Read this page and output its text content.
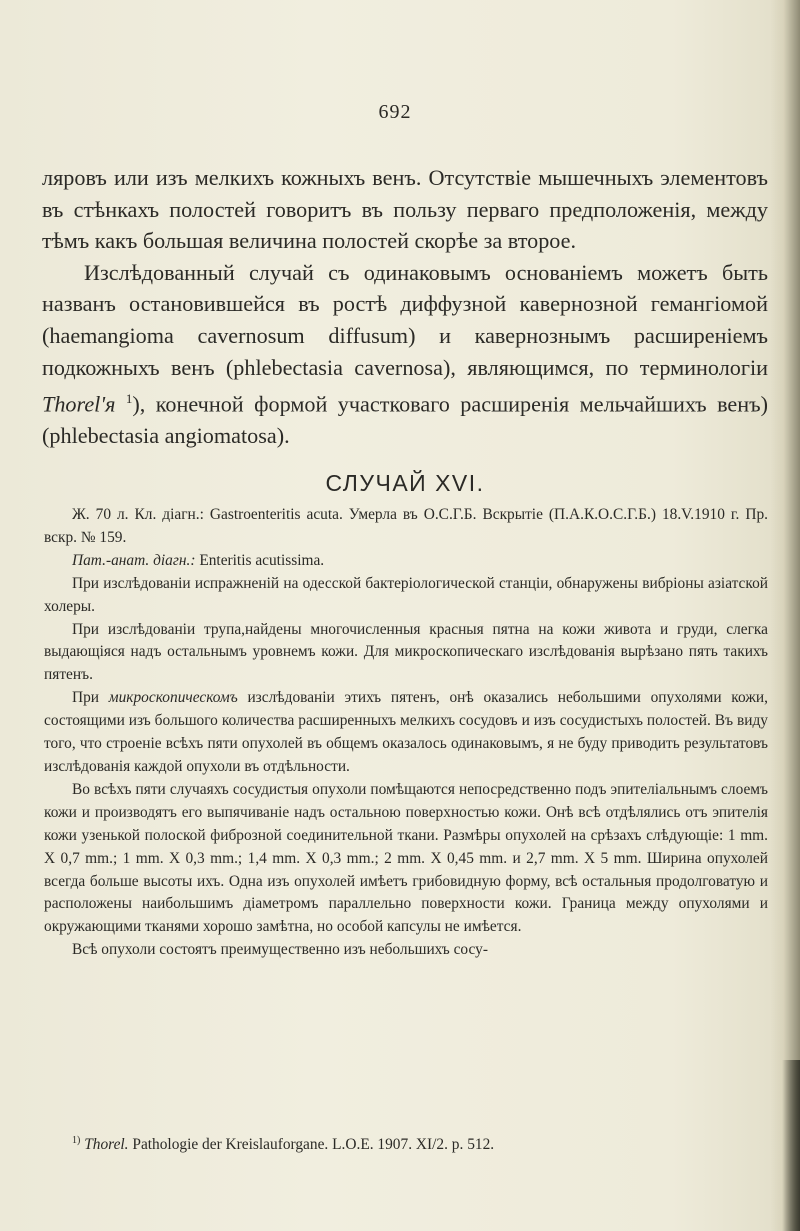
692

ляровъ или изъ мелкихъ кожныхъ венъ. Отсутствіе мышечныхъ элементовъ въ стѣнкахъ полостей говоритъ въ пользу перваго предположенія, между тѣмъ какъ большая величина полостей скорѣе за второе.

Изслѣдованный случай съ одинаковымъ основаніемъ можетъ быть названъ остановившейся въ ростѣ диффузной кавернозной гемангіомой (haemangioma cavernosum diffusum) и кавернознымъ расширеніемъ подкожныхъ венъ (phlebectasia cavernosa), являющимся, по терминологіи Thorel'я $^1$), конечной формой участковаго расширенія мельчайшихъ венъ) (phlebectasia angiomatosa).

СЛУЧАЙ XVI.

Ж. 70 л. Кл. діагн.: Gastroenteritis acuta. Умерла въ О.С.Г.Б. Вскрытіе (П.А.К.О.С.Г.Б.) 18.V.1910 г. Пр. вскр. № 159.

Пат.-анат. діагн.: Enteritis acutissima.

При изслѣдованіи испражненій на одесской бактеріологической станціи, обнаружены вибріоны азіатской холеры.

При изслѣдованіи трупа,найдены многочисленныя красныя пятна на кожи живота и груди, слегка выдающіяся надъ остальнымъ уровнемъ кожи. Для микроскопическаго изслѣдованія вырѣзано пять такихъ пятенъ.

При микроскопическомъ изслѣдованіи этихъ пятенъ, онѣ оказались небольшими опухолями кожи, состоящими изъ большого количества расширенныхъ мелкихъ сосудовъ и изъ сосудистыхъ полостей. Въ виду того, что строеніе всѣхъ пяти опухолей въ общемъ оказалось одинаковымъ, я не буду приводить результатовъ изслѣдованія каждой опухоли въ отдѣльности.

Во всѣхъ пяти случаяхъ сосудистыя опухоли помѣщаются непосредственно подъ эпителіальнымъ слоемъ кожи и производятъ его выпячиваніе надъ остальною поверхностью кожи. Онѣ всѣ отдѣлялись отъ эпителія кожи узенькой полоской фиброзной соединительной ткани. Размѣры опухолей на срѣзахъ слѣдующіе: 1 mm. X 0,7 mm.; 1 mm. X 0,3 mm.; 1,4 mm. X 0,3 mm.; 2 mm. X 0,45 mm. и 2,7 mm. X 5 mm. Ширина опухолей всегда больше высоты ихъ. Одна изъ опухолей имѣетъ грибовидную форму, всѣ остальныя продолговатую и расположены наибольшимъ діаметромъ параллельно поверхности кожи. Граница между опухолями и окружающими тканями хорошо замѣтна, но особой капсулы не имѣется.

Всѣ опухоли состоятъ преимущественно изъ небольшихъ сосу-

$^{1)}$ Thorel. Pathologie der Kreislauforgane. L.O.E. 1907. XI/2. p. 512.
